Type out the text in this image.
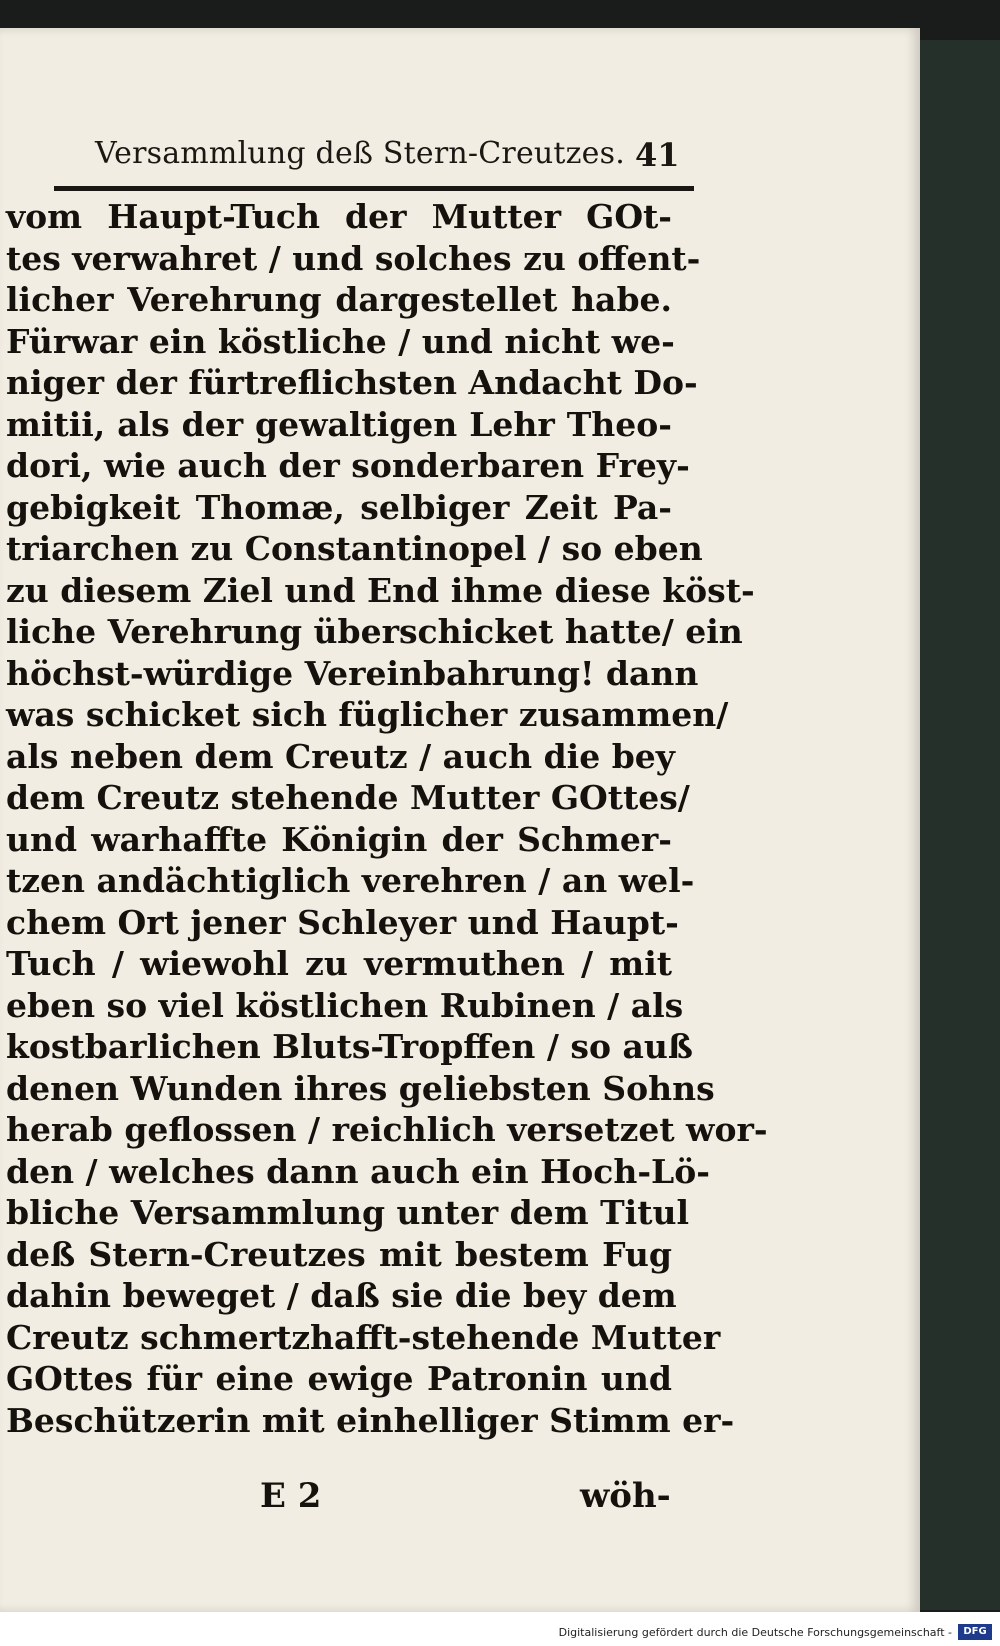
Versammlung deß Stern-Creutzes. 41
vom Haupt-Tuch der Mutter GOt-
tes verwahret / und solches zu offent-
licher Verehrung dargestellet habe.
Fürwar ein köstliche / und nicht we-
niger der fürtreflichsten Andacht Do-
mitii, als der gewaltigen Lehr Theo-
dori, wie auch der sonderbaren Frey-
gebigkeit Thomæ, selbiger Zeit Pa-
triarchen zu Constantinopel / so eben
zu diesem Ziel und End ihme diese köst-
liche Verehrung überschicket hatte/ ein
höchst-würdige Vereinbahrung! dann
was schicket sich füglicher zusammen/
als neben dem Creutz / auch die bey
dem Creutz stehende Mutter GOttes/
und warhaffte Königin der Schmer-
tzen andächtiglich verehren / an wel-
chem Ort jener Schleyer und Haupt-
Tuch / wiewohl zu vermuthen / mit
eben so viel köstlichen Rubinen / als
kostbarlichen Bluts-Tropffen / so auß
denen Wunden ihres geliebsten Sohns
herab geflossen / reichlich versetzet wor-
den / welches dann auch ein Hoch-Lö-
bliche Versammlung unter dem Titul
deß Stern-Creutzes mit bestem Fug
dahin beweget / daß sie die bey dem
Creutz schmertzhafft-stehende Mutter
GOttes für eine ewige Patronin und
Beschützerin mit einhelliger Stimm er-
E 2	wöh-
Digitalisierung gefördert durch die Deutsche Forschungsgemeinschaft -	DFG
